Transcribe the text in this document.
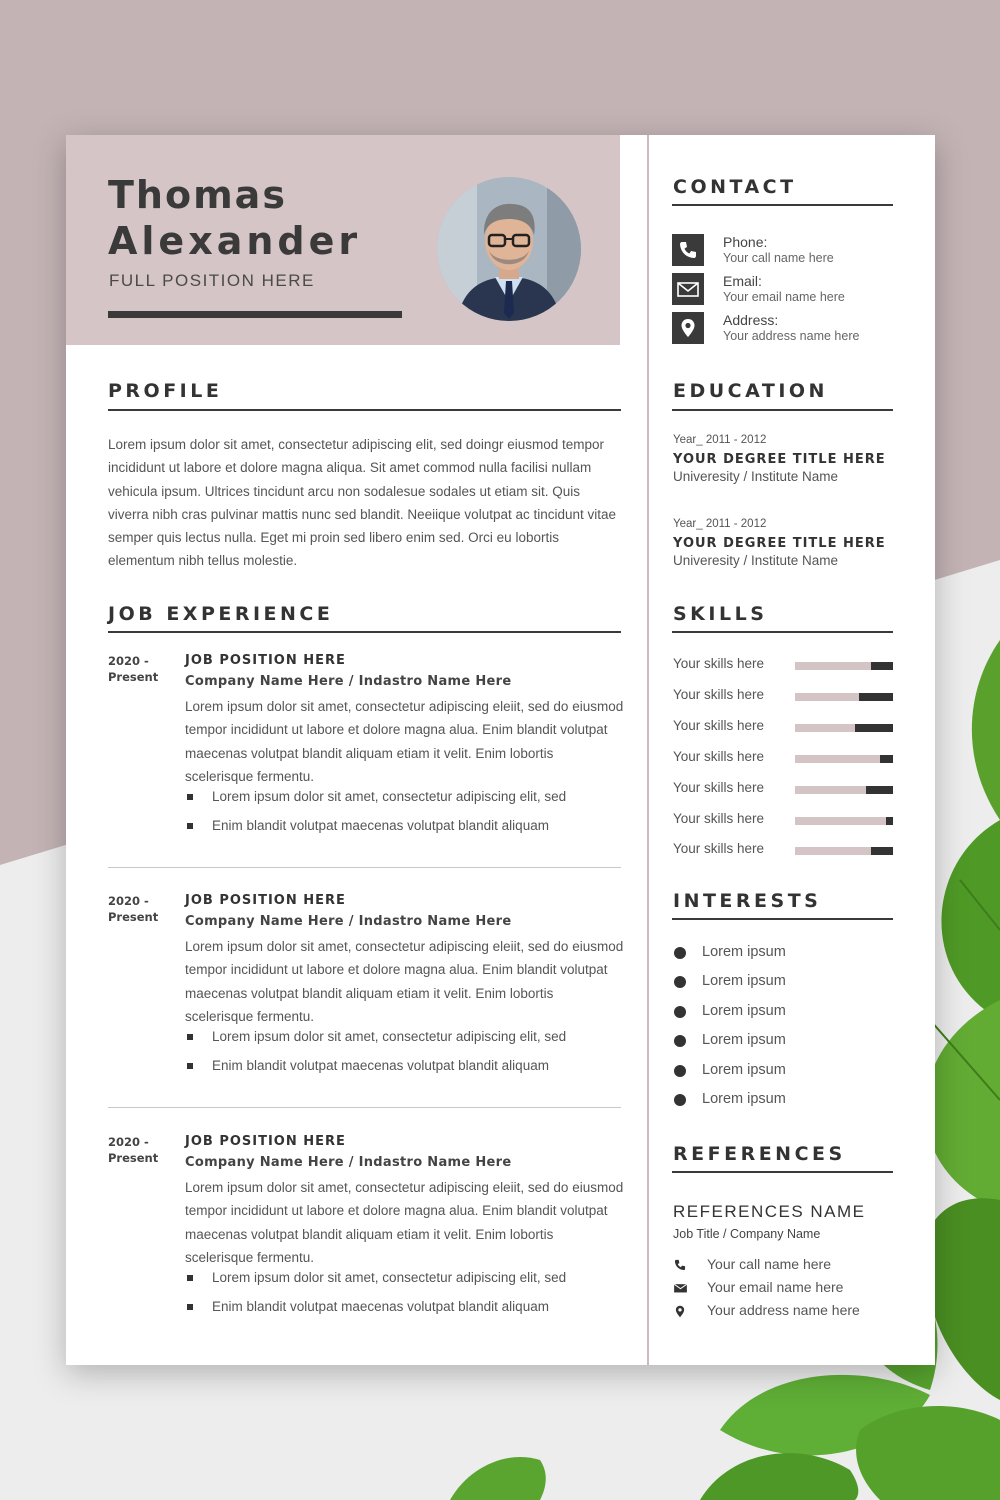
Thomas
Alexander
FULL POSITION HERE
PROFILE

Lorem ipsum dolor sit amet, consectetur adipiscing elit, sed doingr eiusmod tempor incididunt ut labore et dolore magna aliqua. Sit amet commod nulla facilisi nullam vehicula ipsum. Ultrices tincidunt arcu non sodalesue sodales ut etiam sit. Quis viverra nibh cras pulvinar mattis nunc sed blandit. Neeiique volutpat ac tincidunt vitae semper quis lectus nulla. Eget mi proin sed libero enim sed. Orci eu lobortis elementum nibh tellus molestie.

JOB EXPERIENCE
2020 -
Present
JOB POSITION HERE
Company Name Here / Indastro Name Here

Lorem ipsum dolor sit amet, consectetur adipiscing eleiit, sed do eiusmod tempor incididunt ut labore et dolore magna alua. Enim blandit volutpat maecenas volutpat blandit aliquam etiam it velit. Enim lobortis scelerisque fermentu.

Lorem ipsum dolor sit amet, consectetur adipiscing elit, sed
Enim blandit volutpat maecenas volutpat blandit aliquam
2020 -
Present
JOB POSITION HERE
Company Name Here / Indastro Name Here

Lorem ipsum dolor sit amet, consectetur adipiscing eleiit, sed do eiusmod tempor incididunt ut labore et dolore magna alua. Enim blandit volutpat maecenas volutpat blandit aliquam etiam it velit. Enim lobortis scelerisque fermentu.

Lorem ipsum dolor sit amet, consectetur adipiscing elit, sed
Enim blandit volutpat maecenas volutpat blandit aliquam
2020 -
Present
JOB POSITION HERE
Company Name Here / Indastro Name Here

Lorem ipsum dolor sit amet, consectetur adipiscing eleiit, sed do eiusmod tempor incididunt ut labore et dolore magna alua. Enim blandit volutpat maecenas volutpat blandit aliquam etiam it velit. Enim lobortis scelerisque fermentu.

Lorem ipsum dolor sit amet, consectetur adipiscing elit, sed
Enim blandit volutpat maecenas volutpat blandit aliquam
CONTACT
Phone:
Your call name here
Email:
Your email name here
Address:
Your address name here
EDUCATION
Year_ 2011 - 2012
YOUR DEGREE TITLE HERE
Univeresity / Institute Name
Year_ 2011 - 2012
YOUR DEGREE TITLE HERE
Univeresity / Institute Name
SKILLS
Your skills here
Your skills here
Your skills here
Your skills here
Your skills here
Your skills here
Your skills here
INTERESTS
Lorem ipsum
Lorem ipsum
Lorem ipsum
Lorem ipsum
Lorem ipsum
Lorem ipsum
REFERENCES
REFERENCES NAME
Job Title / Company Name
Your call name here
Your email name here
Your address name here
